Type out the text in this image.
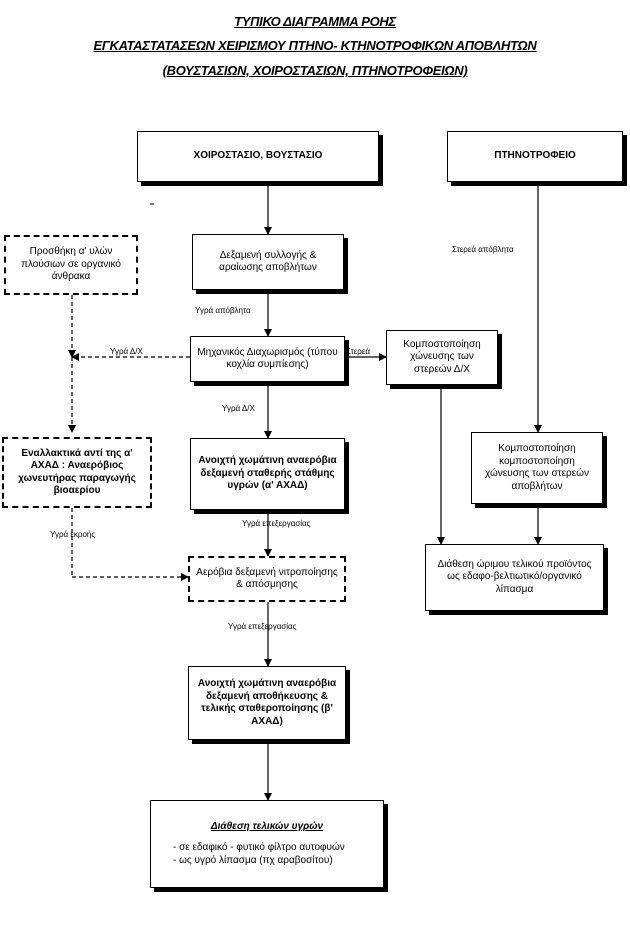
ΤΥΠΙΚΟ ΔΙΑΓΡΑΜΜΑ ΡΟΗΣ
ΕΓΚΑΤΑΣΤΑΤΑΣΕΩΝ ΧΕΙΡΙΣΜΟΥ ΠΤΗΝΟ- ΚΤΗΝΟΤΡΟΦΙΚΩΝ ΑΠΟΒΛΗΤΩΝ
(ΒΟΥΣΤΑΣΙΩΝ, ΧΟΙΡΟΣΤΑΣΙΩΝ, ΠΤΗΝΟΤΡΟΦΕΙΩΝ)
ΧΟΙΡΟΣΤΑΣΙΟ, ΒΟΥΣΤΑΣΙΟ	ΠΤΗΝΟΤΡΟΦΕΙΟ
Δεξαμενή συλλογής & αραίωσης αποβλήτων
Προσθήκη α' υλών πλούσιων σε οργανικό άνθρακα
Μηχανικός Διαχωρισμός (τύπου κοχλία συμπίεσης)
Κομποστοποίηση χώνευσης των στερεών Δ/Χ
Ανοιχτή χωμάτινη αναερόβια δεξαμενή σταθερής στάθμης υγρών (α' ΑΧΑΔ)
Εναλλακτικά αντί της α' ΑΧΑΔ : Αναερόβιος χωνευτήρας παραγωγής βιοαερίου
Κομποστοποίηση κομποστοποίηση χώνευσης των στερεών αποβλήτων
Διάθεση ώριμου τελικού προϊόντος ως εδαφο-βελτιωτικό/οργανικό λίπασμα
Αερόβια δεξαμενή νιτροποίησης & απόσμησης
Ανοιχτή χωμάτινη αναερόβια δεξαμενή αποθήκευσης & τελικής σταθεροποίησης (β' ΑΧΑΔ)
Διάθεση τελικών υγρών
- σε εδαφικό - φυτικό φίλτρο αυτοφυών
- ως υγρό λίπασμα (πχ αραβοσίτου)
Υγρά απόβλητα
Υγρά Δ/Χ	Στερεά
Υγρά Δ/Χ
Στερεά απόβλητα
Υγρά επεξεργασίας
Υγρά εκροής
Υγρά επεξεργασίας
